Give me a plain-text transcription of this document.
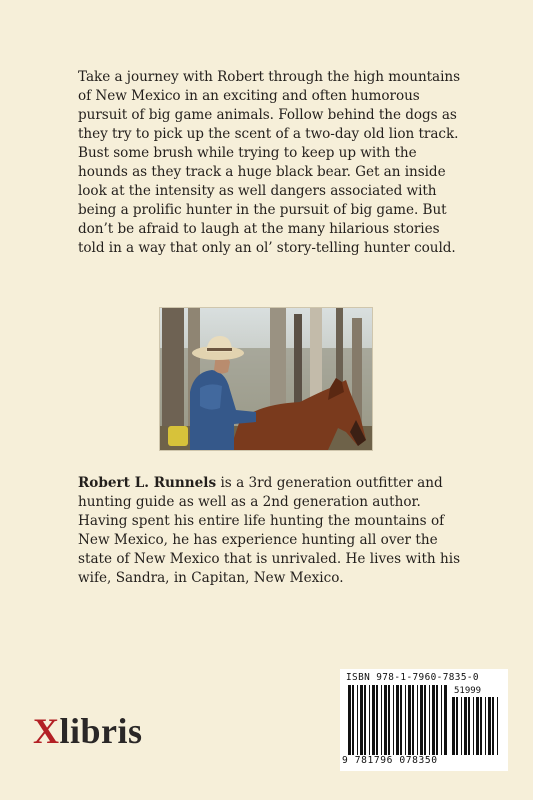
Take a journey with Robert through the high mountains of New Mexico in an exciting and often humorous pursuit of big game animals. Follow behind the dogs as they try to pick up the scent of a two-day old lion track. Bust some brush while trying to keep up with the hounds as they track a huge black bear. Get an inside look at the intensity as well dangers associated with being a prolific hunter in the pursuit of big game. But don’t be afraid to laugh at the many hilarious stories told in a way that only an ol’ story-telling hunter could.

Robert L. Runnels is a 3rd generation outfitter and hunting guide as well as a 2nd generation author. Having spent his entire life hunting the mountains of New Mexico, he has experience hunting all over the state of New Mexico that is unrivaled. He lives with his wife, Sandra, in Capitan, New Mexico.

Xlibris
ISBN 978-1-7960-7835-0
51999
9 781796 078350
